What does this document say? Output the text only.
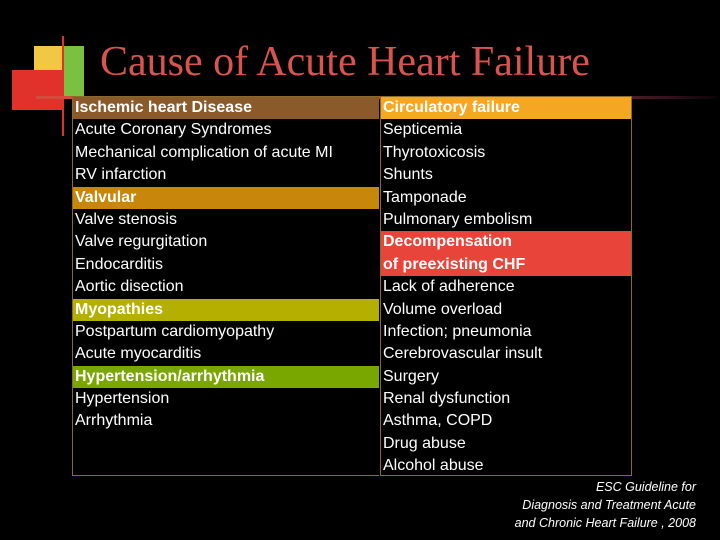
Cause of Acute Heart Failure
Ischemic heart Disease
Acute Coronary Syndromes
Mechanical complication of acute MI
RV infarction
Valvular
Valve stenosis
Valve regurgitation
Endocarditis
Aortic disection
Myopathies
Postpartum cardiomyopathy
Acute myocarditis
Hypertension/arrhythmia
Hypertension
Arrhythmia
Circulatory failure
Septicemia
Thyrotoxicosis
Shunts
Tamponade
Pulmonary embolism
Decompensation
of preexisting CHF
Lack of adherence
Volume overload
Infection; pneumonia
Cerebrovascular insult
Surgery
Renal dysfunction
Asthma, COPD
Drug abuse
Alcohol abuse
ESC Guideline for
Diagnosis and Treatment Acute
and Chronic Heart Failure , 2008
